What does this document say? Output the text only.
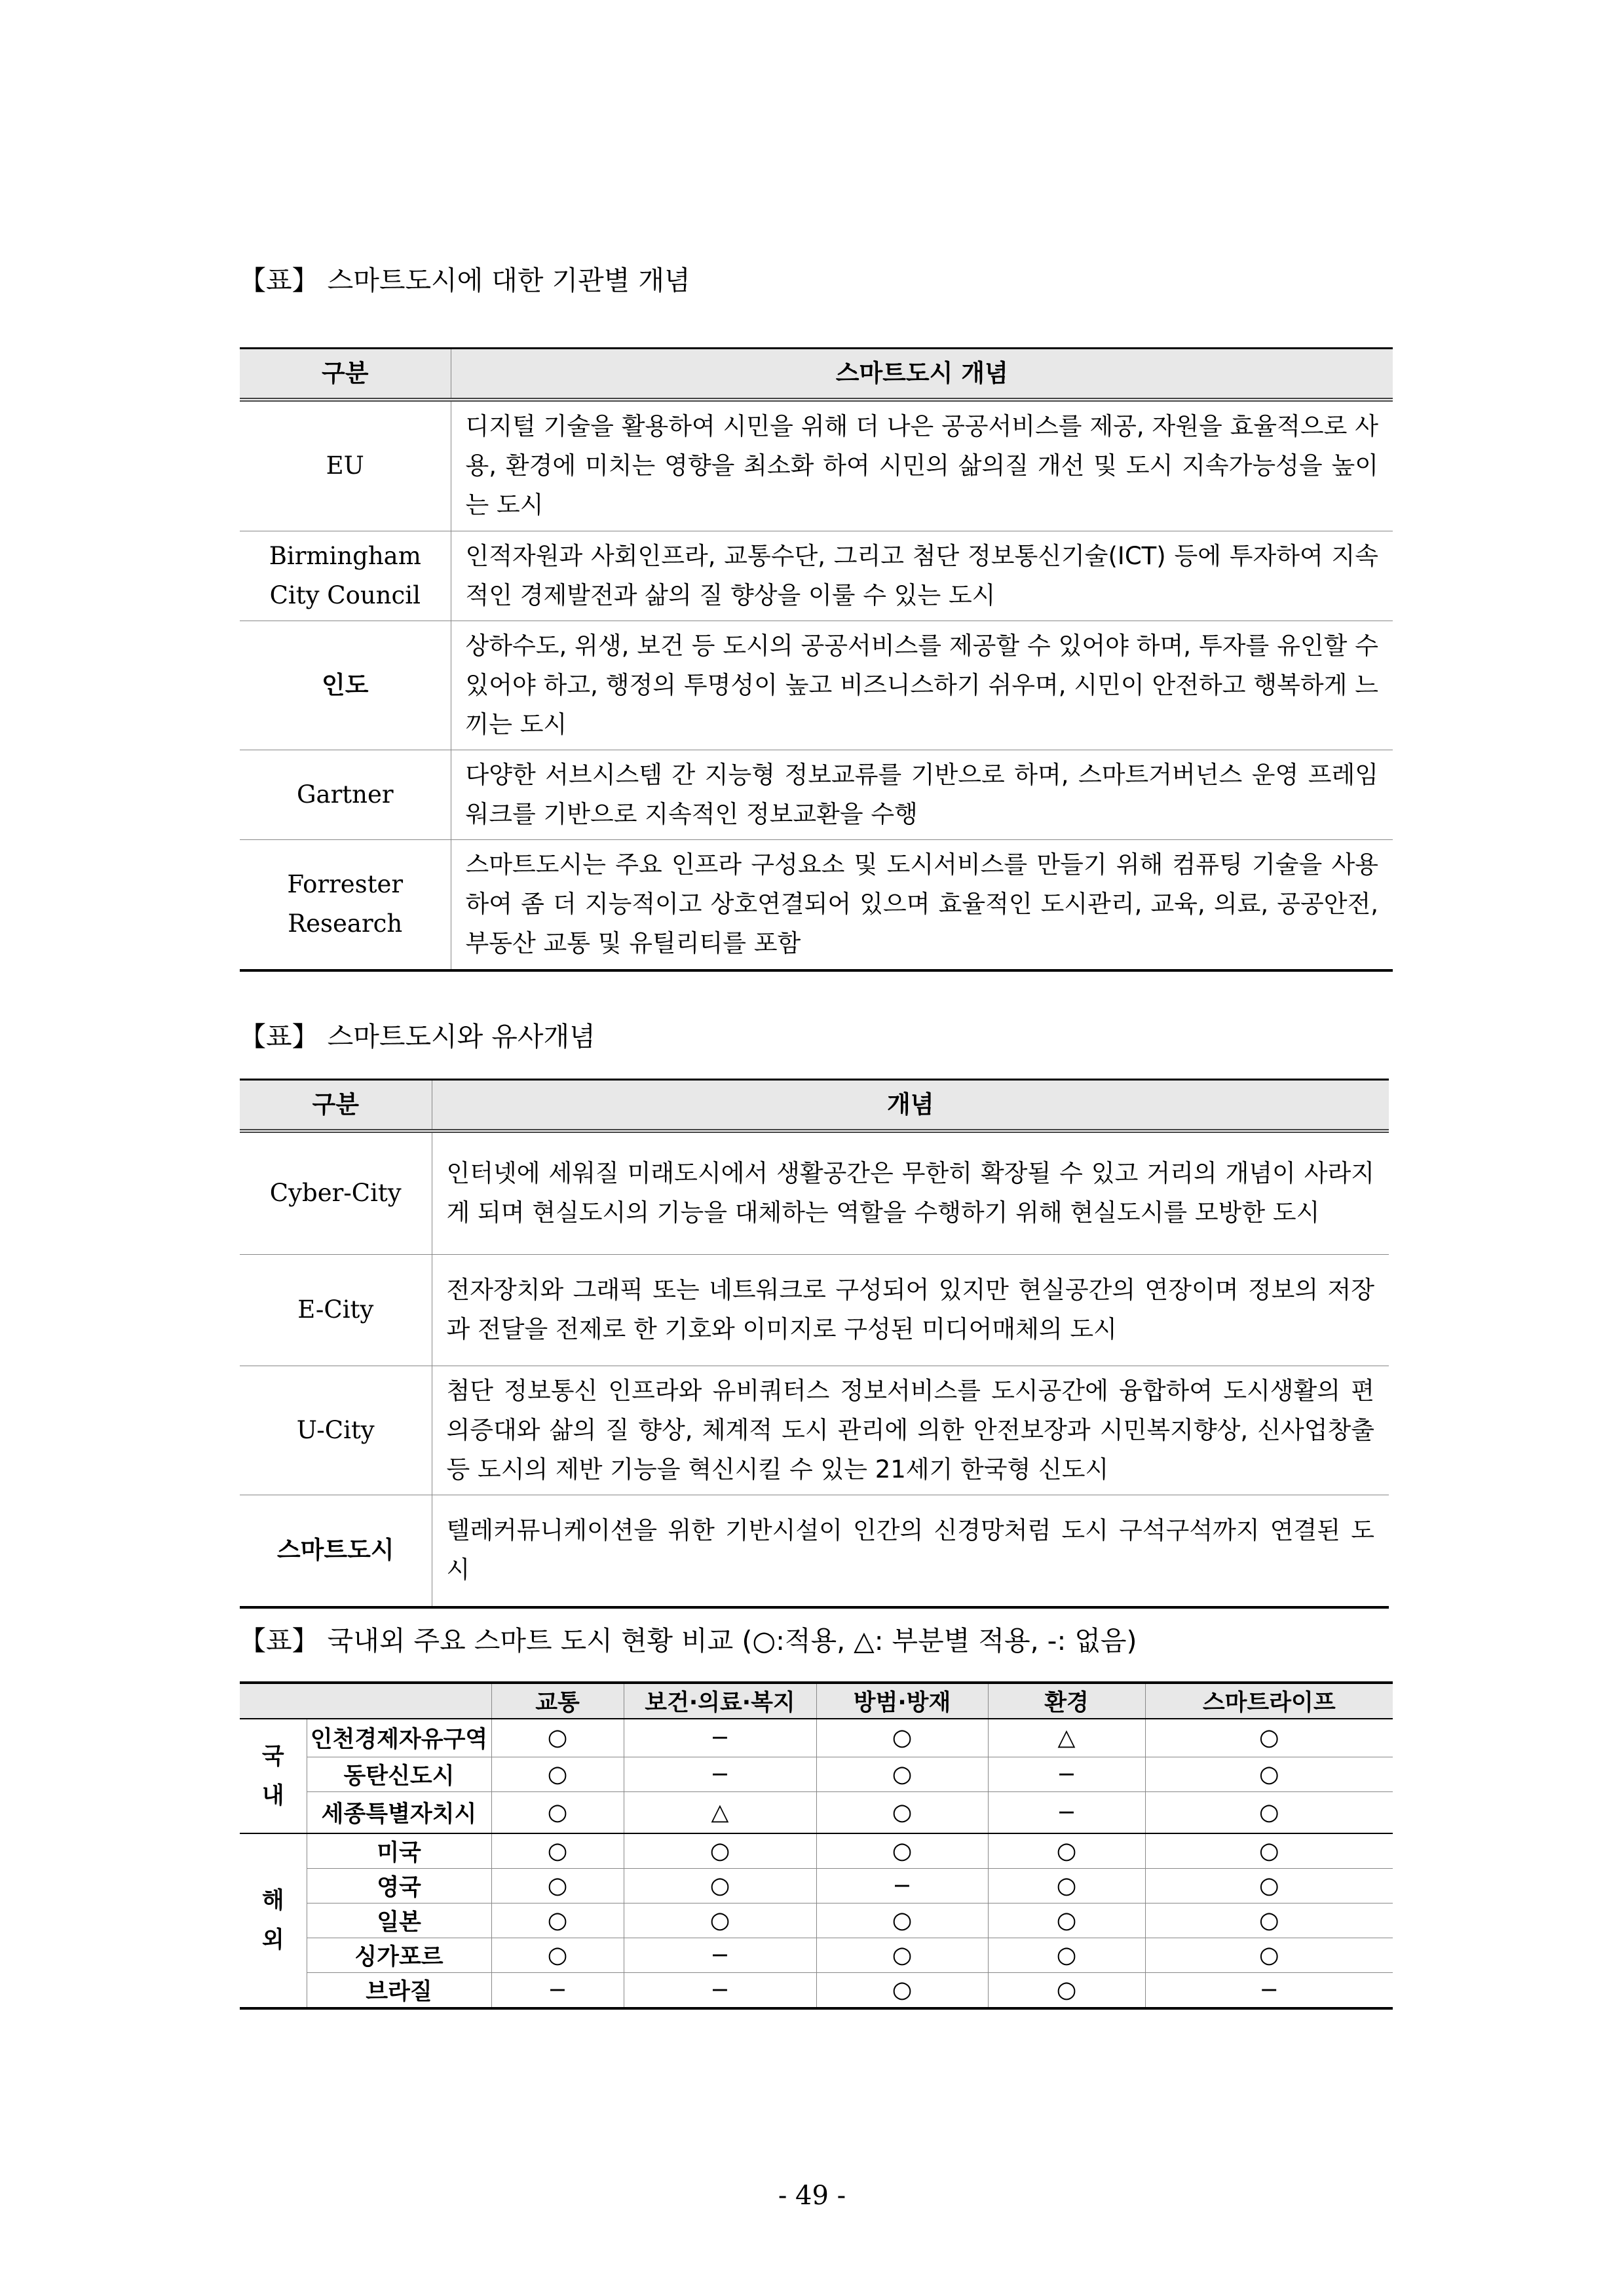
【표】 스마트도시에 대한 기관별 개념
구분	스마트도시 개념
EU	디지털 기술을 활용하여 시민을 위해 더 나은 공공서비스를 제공, 자원을 효율적으로 사용, 환경에 미치는 영향을 최소화 하여 시민의 삶의질 개선 및 도시 지속가능성을 높이는 도시
Birmingham City Council	인적자원과 사회인프라, 교통수단, 그리고 첨단 정보통신기술(ICT) 등에 투자하여 지속적인 경제발전과 삶의 질 향상을 이룰 수 있는 도시
인도	상하수도, 위생, 보건 등 도시의 공공서비스를 제공할 수 있어야 하며, 투자를 유인할 수 있어야 하고, 행정의 투명성이 높고 비즈니스하기 쉬우며, 시민이 안전하고 행복하게 느끼는 도시
Gartner	다양한 서브시스템 간 지능형 정보교류를 기반으로 하며, 스마트거버넌스 운영 프레임워크를 기반으로 지속적인 정보교환을 수행
Forrester Research	스마트도시는 주요 인프라 구성요소 및 도시서비스를 만들기 위해 컴퓨팅 기술을 사용하여 좀 더 지능적이고 상호연결되어 있으며 효율적인 도시관리, 교육, 의료, 공공안전, 부동산 교통 및 유틸리티를 포함
【표】 스마트도시와 유사개념
구분	개념
Cyber-City	인터넷에 세워질 미래도시에서 생활공간은 무한히 확장될 수 있고 거리의 개념이 사라지게 되며 현실도시의 기능을 대체하는 역할을 수행하기 위해 현실도시를 모방한 도시
E-City	전자장치와 그래픽 또는 네트워크로 구성되어 있지만 현실공간의 연장이며 정보의 저장과 전달을 전제로 한 기호와 이미지로 구성된 미디어매체의 도시
U-City	첨단 정보통신 인프라와 유비쿼터스 정보서비스를 도시공간에 융합하여 도시생활의 편의증대와 삶의 질 향상, 체계적 도시 관리에 의한 안전보장과 시민복지향상, 신사업창출 등 도시의 제반 기능을 혁신시킬 수 있는 21세기 한국형 신도시
스마트도시	텔레커뮤니케이션을 위한 기반시설이 인간의 신경망처럼 도시 구석구석까지 연결된 도시
【표】 국내외 주요 스마트 도시 현황 비교 (○:적용, △: 부분별 적용, -: 없음)
		교통	보건·의료·복지	방범·방재	환경	스마트라이프
국
내	인천경제자유구역	○	−	○	△	○
	동탄신도시	○	−	○	−	○
	세종특별자치시	○	△	○	−	○
해
외	미국	○	○	○	○	○
	영국	○	○	−	○	○
	일본	○	○	○	○	○
	싱가포르	○	−	○	○	○
	브라질	−	−	○	○	−
- 49 -
